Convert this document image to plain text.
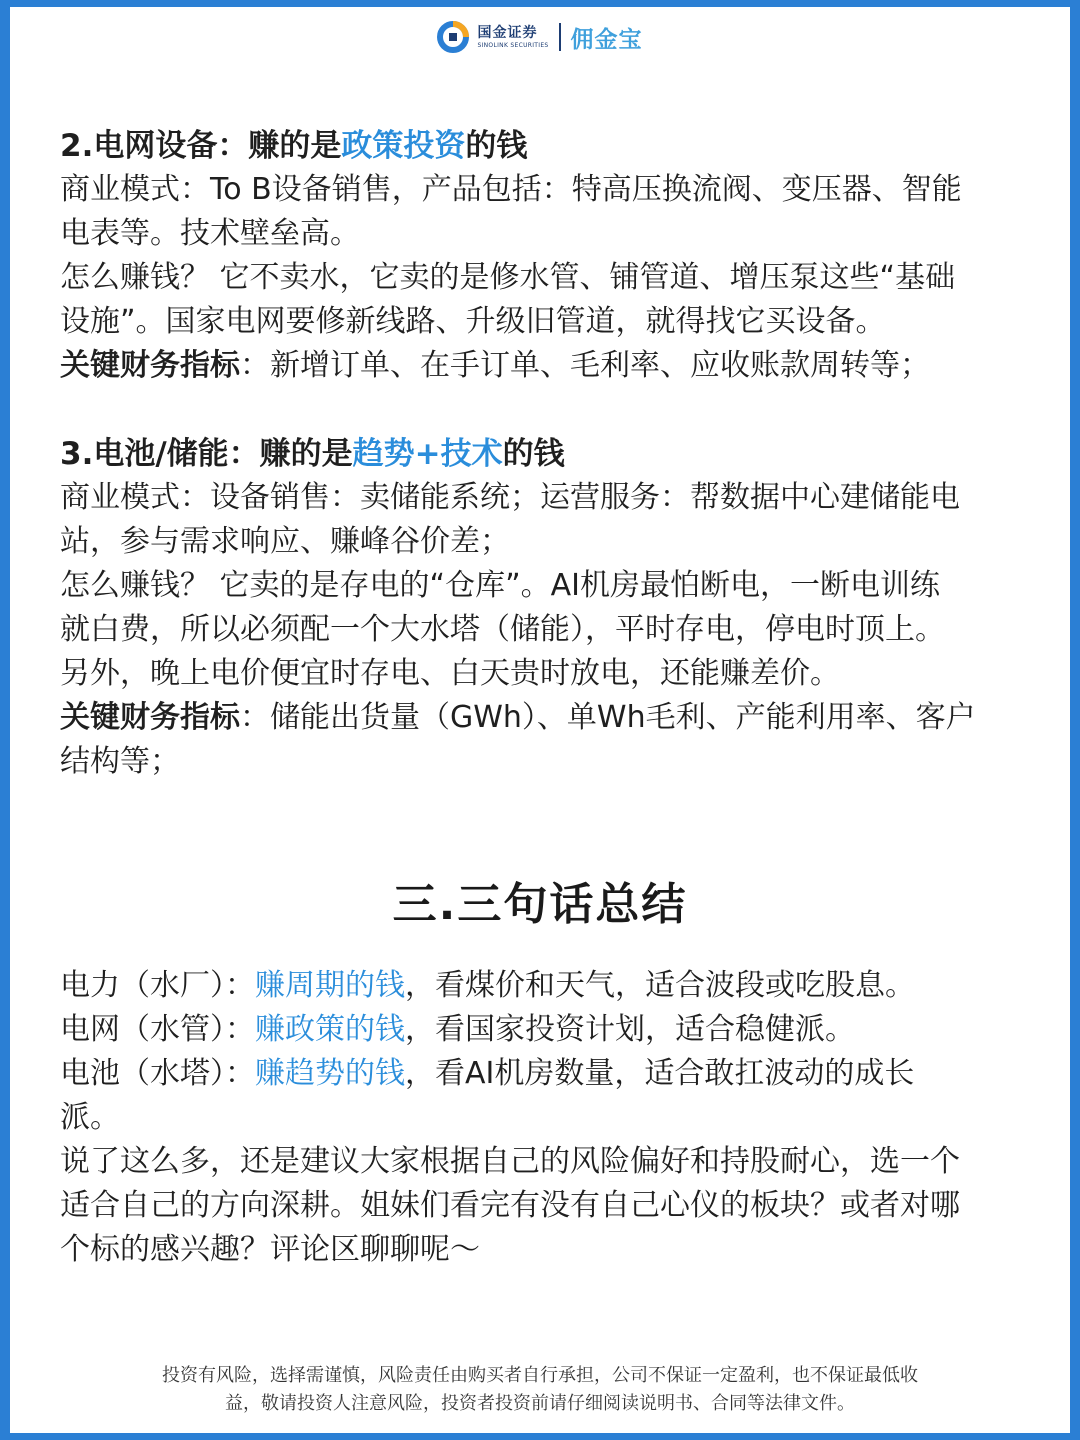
国金证券
SINOLINK SECURITIES 佣金宝

2.电网设备：赚的是政策投资的钱

商业模式：To B设备销售，产品包括：特高压换流阀、变压器、智能
电表等。技术壁垒高。

怎么赚钱？ 它不卖水，它卖的是修水管、铺管道、增压泵这些“基础
设施”。国家电网要修新线路、升级旧管道，就得找它买设备。

关键财务指标：新增订单、在手订单、毛利率、应收账款周转等；

3.电池/储能：赚的是趋势+技术的钱

商业模式：设备销售：卖储能系统；运营服务：帮数据中心建储能电
站，参与需求响应、赚峰谷价差；

怎么赚钱？ 它卖的是存电的“仓库”。AI机房最怕断电，一断电训练
就白费，所以必须配一个大水塔（储能），平时存电，停电时顶上。
另外，晚上电价便宜时存电、白天贵时放电，还能赚差价。

关键财务指标：储能出货量（GWh）、单Wh毛利、产能利用率、客户
结构等；

三.三句话总结

电力（水厂）：赚周期的钱，看煤价和天气，适合波段或吃股息。

电网（水管）：赚政策的钱，看国家投资计划，适合稳健派。

电池（水塔）：赚趋势的钱，看AI机房数量，适合敢扛波动的成长
派。

说了这么多，还是建议大家根据自己的风险偏好和持股耐心，选一个
适合自己的方向深耕。姐妹们看完有没有自己心仪的板块？或者对哪
个标的感兴趣？评论区聊聊呢～

投资有风险，选择需谨慎，风险责任由购买者自行承担，公司不保证一定盈利，也不保证最低收

益，敬请投资人注意风险，投资者投资前请仔细阅读说明书、合同等法律文件。
